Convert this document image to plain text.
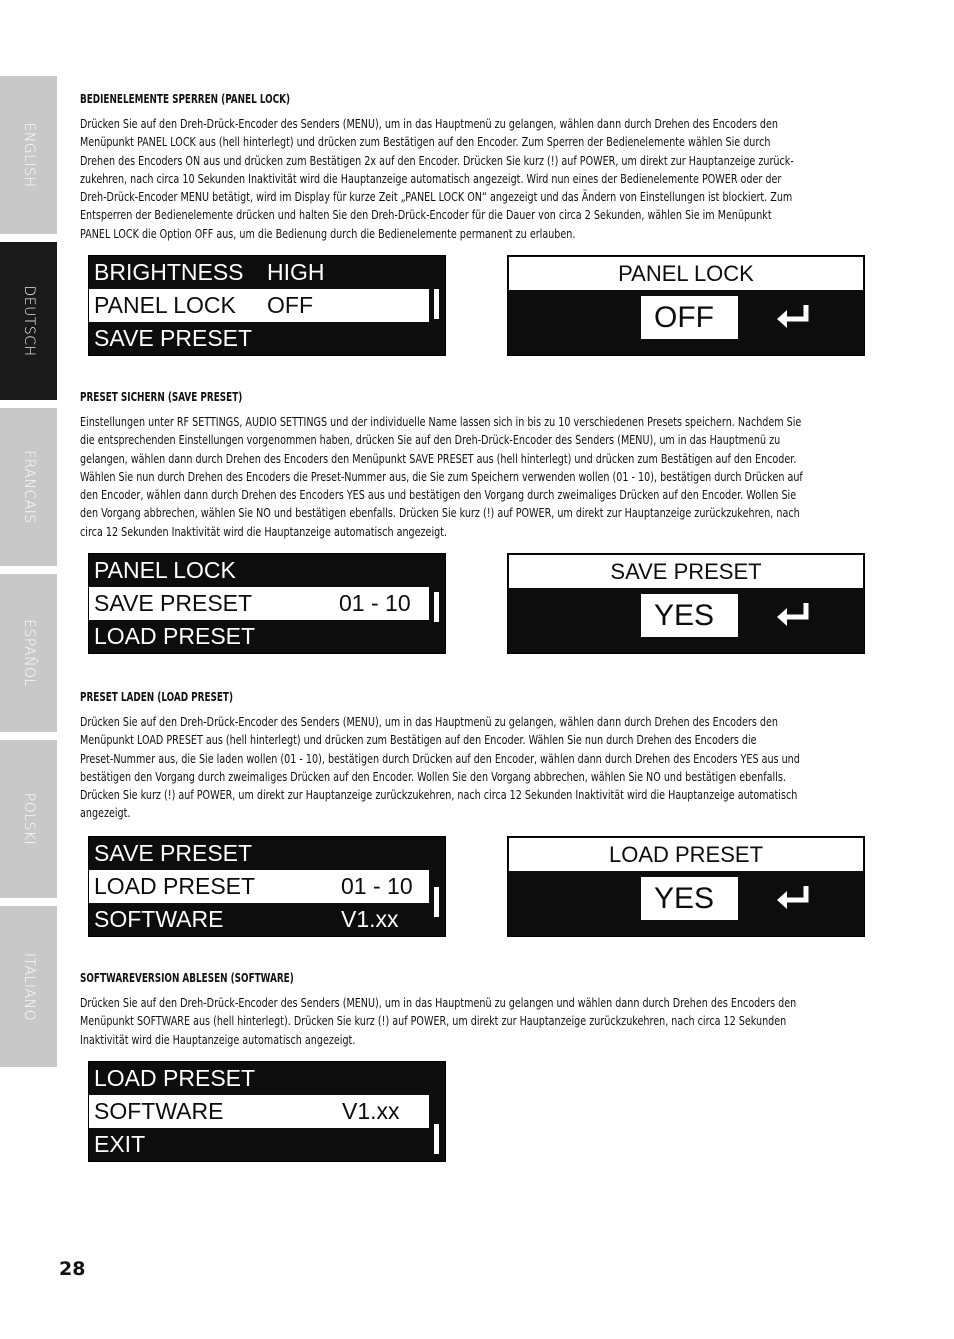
ENGLISH
DEUTSCH
FRANCAIS
ESPAÑOL
POLSKI
ITALIANO
BEDIENELEMENTE SPERREN (PANEL LOCK)
Drücken Sie auf den Dreh-Drück-Encoder des Senders (MENU), um in das Hauptmenü zu gelangen, wählen dann durch Drehen des Encoders den
Menüpunkt PANEL LOCK aus (hell hinterlegt) und drücken zum Bestätigen auf den Encoder. Zum Sperren der Bedienelemente wählen Sie durch
Drehen des Encoders ON aus und drücken zum Bestätigen 2x auf den Encoder. Drücken Sie kurz (!) auf POWER, um direkt zur Hauptanzeige zurück-
zukehren, nach circa 10 Sekunden Inaktivität wird die Hauptanzeige automatisch angezeigt. Wird nun eines der Bedienelemente POWER oder der
Dreh-Drück-Encoder MENU betätigt, wird im Display für kurze Zeit „PANEL LOCK ON“ angezeigt und das Ändern von Einstellungen ist blockiert. Zum
Entsperren der Bedienelemente drücken und halten Sie den Dreh-Drück-Encoder für die Dauer von circa 2 Sekunden, wählen Sie im Menüpunkt
PANEL LOCK die Option OFF aus, um die Bedienung durch die Bedienelemente permanent zu erlauben.
BRIGHTNESS HIGH
PANEL LOCK OFF
SAVE PRESET
PANEL LOCK
OFF
PRESET SICHERN (SAVE PRESET)
Einstellungen unter RF SETTINGS, AUDIO SETTINGS und der individuelle Name lassen sich in bis zu 10 verschiedenen Presets speichern. Nachdem Sie
die entsprechenden Einstellungen vorgenommen haben, drücken Sie auf den Dreh-Drück-Encoder des Senders (MENU), um in das Hauptmenü zu
gelangen, wählen dann durch Drehen des Encoders den Menüpunkt SAVE PRESET aus (hell hinterlegt) und drücken zum Bestätigen auf den Encoder.
Wählen Sie nun durch Drehen des Encoders die Preset-Nummer aus, die Sie zum Speichern verwenden wollen (01 - 10), bestätigen durch Drücken auf
den Encoder, wählen dann durch Drehen des Encoders YES aus und bestätigen den Vorgang durch zweimaliges Drücken auf den Encoder. Wollen Sie
den Vorgang abbrechen, wählen Sie NO und bestätigen ebenfalls. Drücken Sie kurz (!) auf POWER, um direkt zur Hauptanzeige zurückzukehren, nach
circa 12 Sekunden Inaktivität wird die Hauptanzeige automatisch angezeigt.
PANEL LOCK
SAVE PRESET	01 - 10
LOAD PRESET
SAVE PRESET
YES
PRESET LADEN (LOAD PRESET)
Drücken Sie auf den Dreh-Drück-Encoder des Senders (MENU), um in das Hauptmenü zu gelangen, wählen dann durch Drehen des Encoders den
Menüpunkt LOAD PRESET aus (hell hinterlegt) und drücken zum Bestätigen auf den Encoder. Wählen Sie nun durch Drehen des Encoders die
Preset-Nummer aus, die Sie laden wollen (01 - 10), bestätigen durch Drücken auf den Encoder, wählen dann durch Drehen des Encoders YES aus und
bestätigen den Vorgang durch zweimaliges Drücken auf den Encoder. Wollen Sie den Vorgang abbrechen, wählen Sie NO und bestätigen ebenfalls.
Drücken Sie kurz (!) auf POWER, um direkt zur Hauptanzeige zurückzukehren, nach circa 12 Sekunden Inaktivität wird die Hauptanzeige automatisch
angezeigt.
SAVE PRESET
LOAD PRESET	01 - 10
SOFTWARE	V1.xx
LOAD PRESET
YES
SOFTWAREVERSION ABLESEN (SOFTWARE)
Drücken Sie auf den Dreh-Drück-Encoder des Senders (MENU), um in das Hauptmenü zu gelangen und wählen dann durch Drehen des Encoders den
Menüpunkt SOFTWARE aus (hell hinterlegt). Drücken Sie kurz (!) auf POWER, um direkt zur Hauptanzeige zurückzukehren, nach circa 12 Sekunden
Inaktivität wird die Hauptanzeige automatisch angezeigt.
LOAD PRESET
SOFTWARE	V1.xx
EXIT
28
